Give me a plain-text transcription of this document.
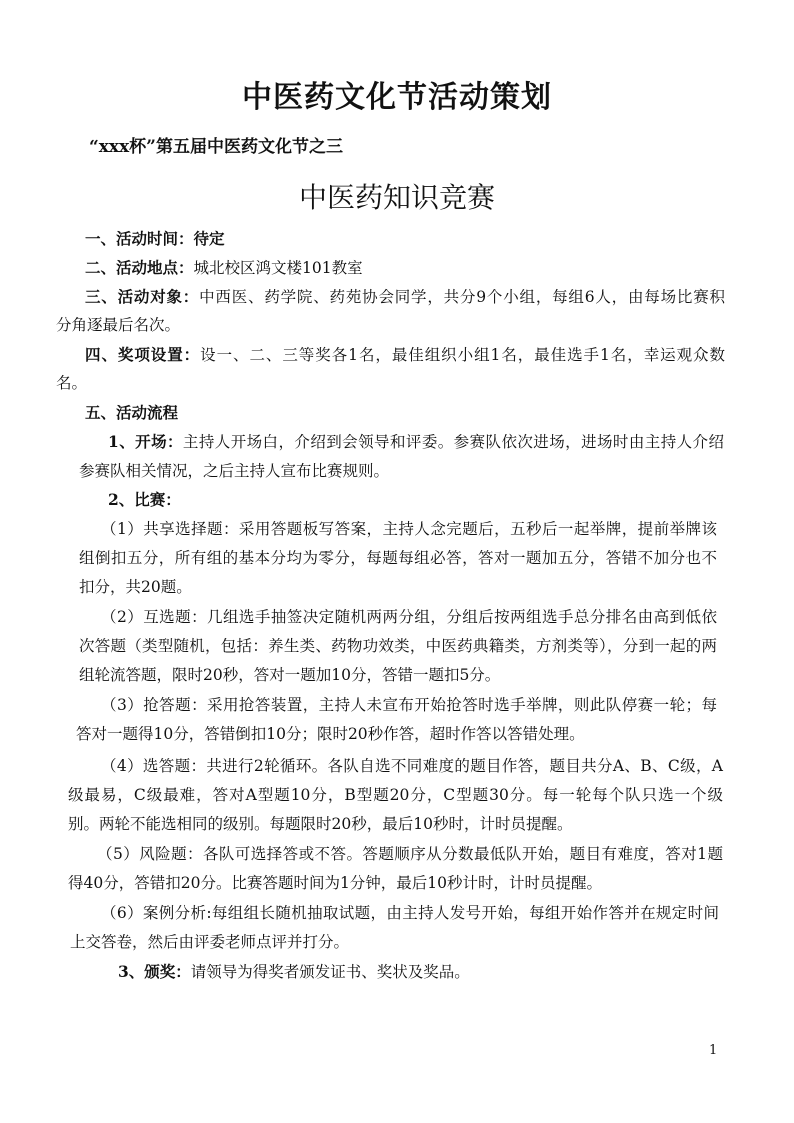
中医药文化节活动策划
“xxx杯”第五届中医药文化节之三
中医药知识竞赛
一、活动时间：待定
二、活动地点：城北校区鸿文楼101教室
三、活动对象：中西医、药学院、药苑协会同学，共分9个小组，每组6人，由每场比赛积
分角逐最后名次。
四、奖项设置：设一、二、三等奖各1名，最佳组织小组1名，最佳选手1名，幸运观众数
名。
五、活动流程
1、开场：主持人开场白，介绍到会领导和评委。参赛队依次进场，进场时由主持人介绍
参赛队相关情况，之后主持人宣布比赛规则。
2、比赛：
（1）共享选择题：采用答题板写答案，主持人念完题后，五秒后一起举牌，提前举牌该
组倒扣五分，所有组的基本分均为零分，每题每组必答，答对一题加五分，答错不加分也不
扣分，共20题。
（2）互选题：几组选手抽签决定随机两两分组，分组后按两组选手总分排名由高到低依
次答题（类型随机，包括：养生类、药物功效类，中医药典籍类，方剂类等），分到一起的两
组轮流答题，限时20秒，答对一题加10分，答错一题扣5分。
（3）抢答题：采用抢答装置，主持人未宣布开始抢答时选手举牌，则此队停赛一轮；每
答对一题得10分，答错倒扣10分；限时20秒作答，超时作答以答错处理。
（4）选答题：共进行2轮循环。各队自选不同难度的题目作答，题目共分A、B、C级，A
级最易，C级最难，答对A型题10分，B型题20分，C型题30分。每一轮每个队只选一个级
别。两轮不能选相同的级别。每题限时20秒，最后10秒时，计时员提醒。
（5）风险题：各队可选择答或不答。答题顺序从分数最低队开始，题目有难度，答对1题
得40分，答错扣20分。比赛答题时间为1分钟，最后10秒计时，计时员提醒。
（6）案例分析:每组组长随机抽取试题，由主持人发号开始，每组开始作答并在规定时间
上交答卷，然后由评委老师点评并打分。
3、颁奖：请领导为得奖者颁发证书、奖状及奖品。
1
